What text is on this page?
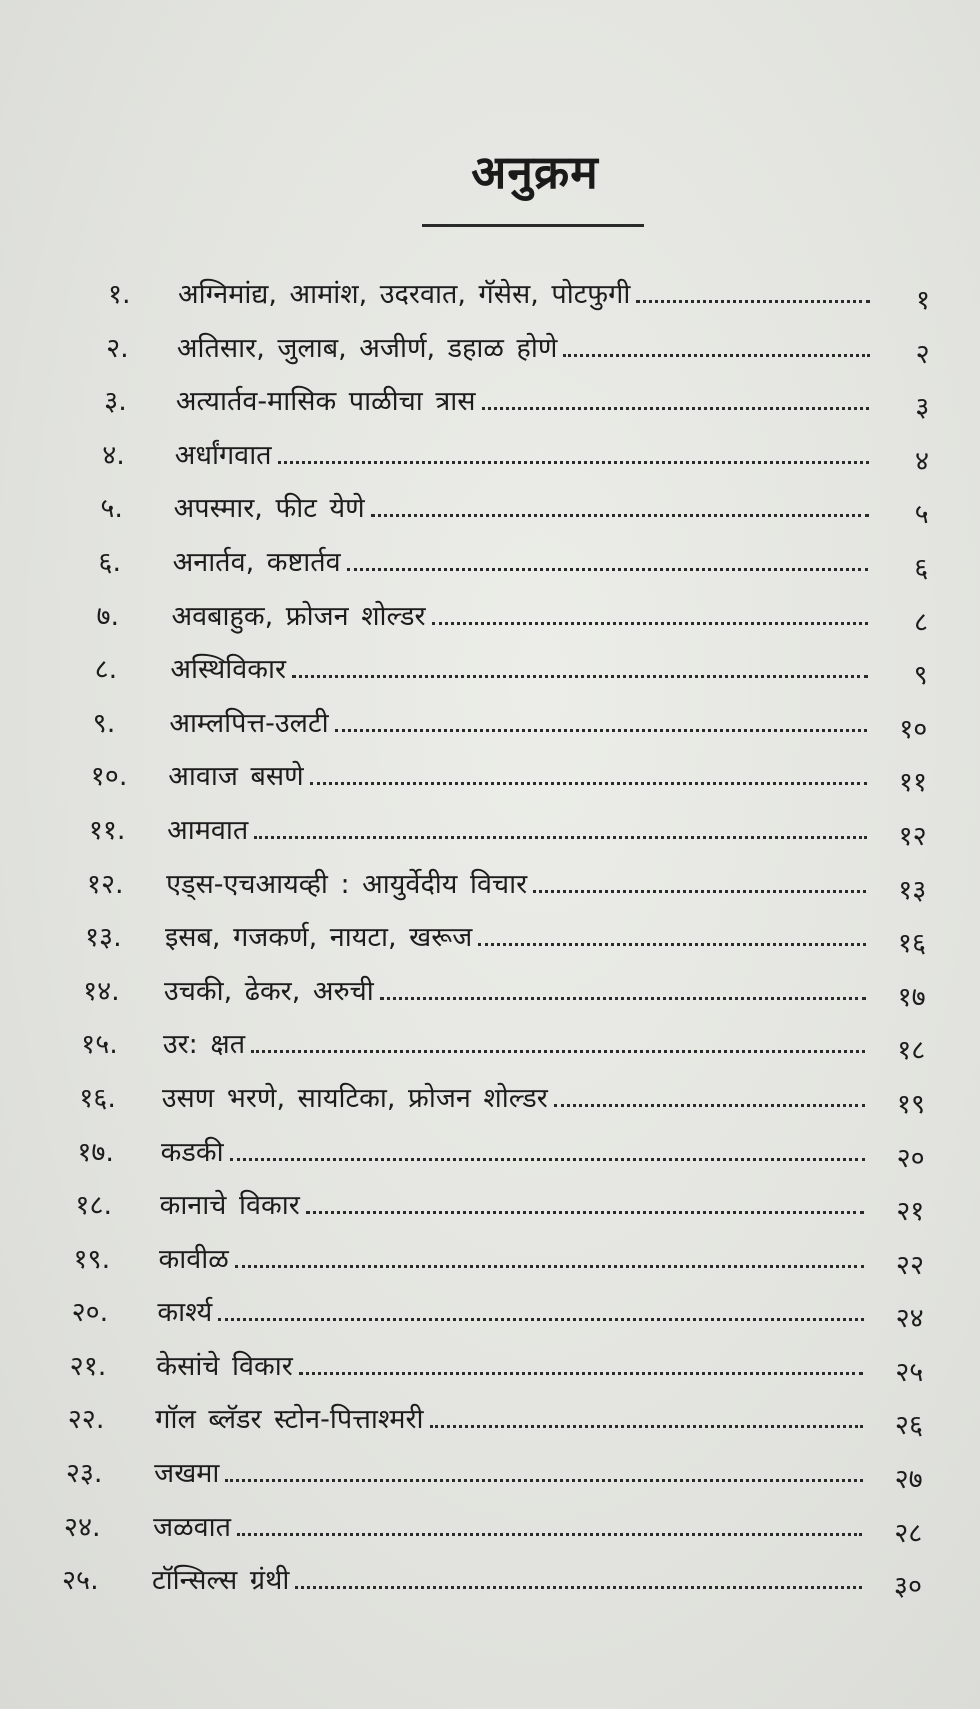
अनुक्रम
१.	अग्निमांद्य, आमांश, उदरवात, गॅसेस, पोटफुगी	१
२.	अतिसार, जुलाब, अजीर्ण, डहाळ होणे	२
३.	अत्यार्तव-मासिक पाळीचा त्रास	३
४.	अर्धांगवात	४
५.	अपस्मार, फीट येणे	५
६.	अनार्तव, कष्टार्तव	६
७.	अवबाहुक, फ्रोजन शोल्डर	८
८.	अस्थिविकार	९
९.	आम्लपित्त-उलटी	१०
१०.	आवाज बसणे	११
११.	आमवात	१२
१२.	एड्स-एचआयव्ही : आयुर्वेदीय विचार	१३
१३.	इसब, गजकर्ण, नायटा, खरूज	१६
१४.	उचकी, ढेकर, अरुची	१७
१५.	उर: क्षत	१८
१६.	उसण भरणे, सायटिका, फ्रोजन शोल्डर	१९
१७.	कडकी	२०
१८.	कानाचे विकार	२१
१९.	कावीळ	२२
२०.	कार्श्य	२४
२१.	केसांचे विकार	२५
२२.	गॉल ब्लॅडर स्टोन-पित्ताश्मरी	२६
२३.	जखमा	२७
२४.	जळवात	२८
२५.	टॉन्सिल्स ग्रंथी	३०
